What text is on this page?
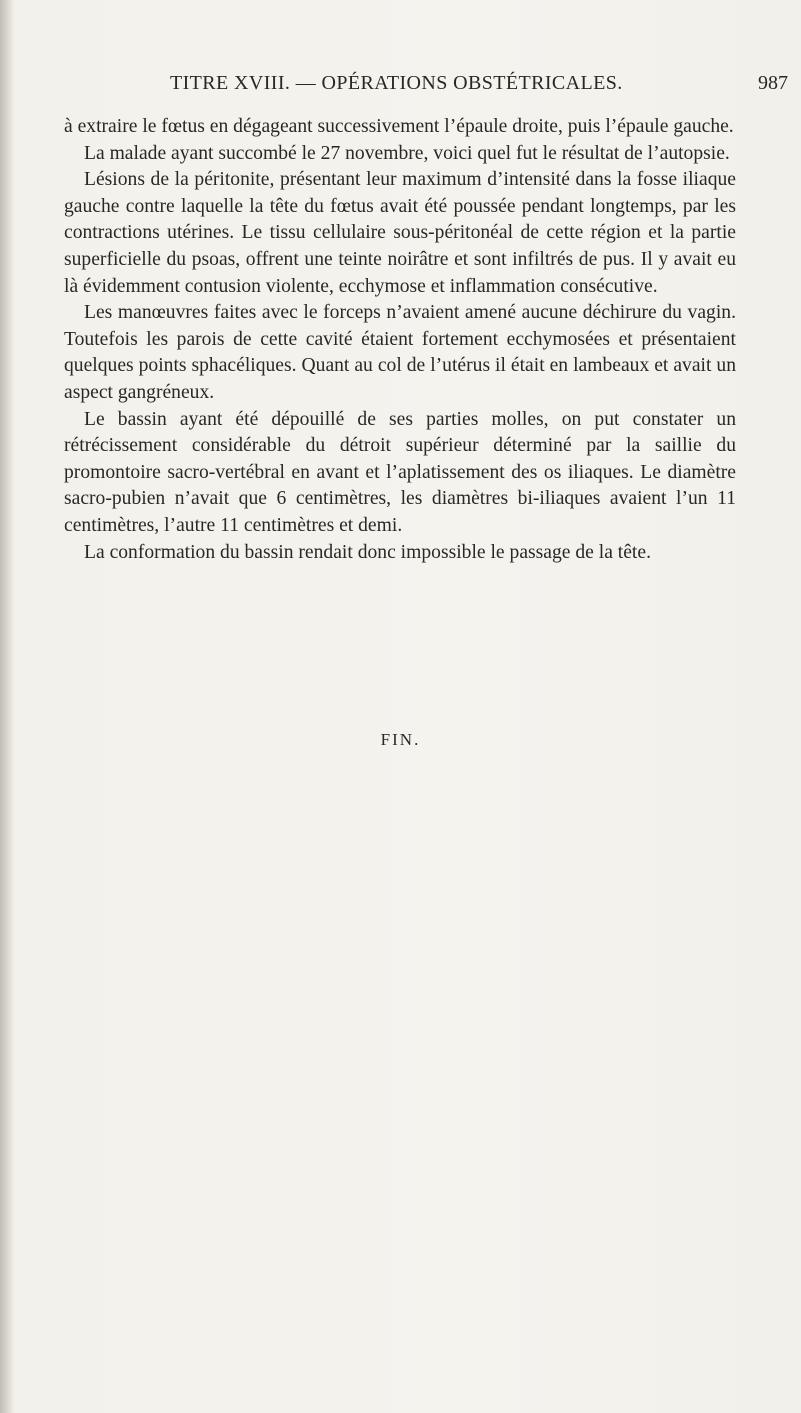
TITRE XVIII. — OPÉRATIONS OBSTÉTRICALES.	987

à extraire le fœtus en dégageant successivement l’épaule droite, puis l’épaule gauche.

La malade ayant succombé le 27 novembre, voici quel fut le résultat de l’autopsie.

Lésions de la péritonite, présentant leur maximum d’intensité dans la fosse iliaque gauche contre laquelle la tête du fœtus avait été poussée pendant longtemps, par les contractions utérines. Le tissu cellulaire sous-péritonéal de cette région et la partie superficielle du psoas, offrent une teinte noirâtre et sont infiltrés de pus. Il y avait eu là évidemment contusion violente, ecchymose et inflammation consécutive.

Les manœuvres faites avec le forceps n’avaient amené aucune déchirure du vagin. Toutefois les parois de cette cavité étaient fortement ecchymosées et présentaient quelques points sphacéliques. Quant au col de l’utérus il était en lambeaux et avait un aspect gangréneux.

Le bassin ayant été dépouillé de ses parties molles, on put constater un rétrécissement considérable du détroit supérieur déterminé par la saillie du promontoire sacro-vertébral en avant et l’aplatissement des os iliaques. Le diamètre sacro-pubien n’avait que 6 centimètres, les diamètres bi-iliaques avaient l’un 11 centimètres, l’autre 11 centimètres et demi.

La conformation du bassin rendait donc impossible le passage de la tête.

FIN.
